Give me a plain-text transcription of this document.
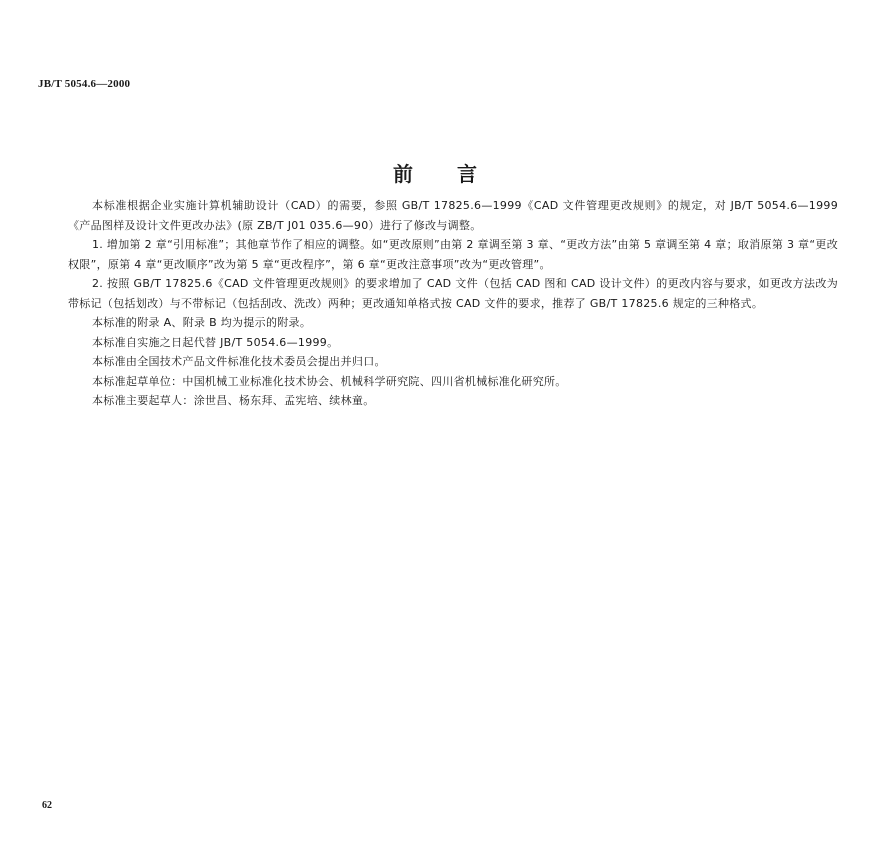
JB/T 5054.6—2000
前言

本标准根据企业实施计算机辅助设计（CAD）的需要，参照 GB/T 17825.6—1999《CAD 文件管理更改规则》的规定，对 JB/T 5054.6—1999《产品图样及设计文件更改办法》(原 ZB/T J01 035.6—90）进行了修改与调整。

1. 增加第 2 章“引用标准”；其他章节作了相应的调整。如“更改原则”由第 2 章调至第 3 章、“更改方法”由第 5 章调至第 4 章；取消原第 3 章“更改权限”，原第 4 章“更改顺序”改为第 5 章“更改程序”，第 6 章“更改注意事项”改为“更改管理”。

2. 按照 GB/T 17825.6《CAD 文件管理更改规则》的要求增加了 CAD 文件（包括 CAD 图和 CAD 设计文件）的更改内容与要求，如更改方法改为带标记（包括划改）与不带标记（包括刮改、洗改）两种；更改通知单格式按 CAD 文件的要求，推荐了 GB/T 17825.6 规定的三种格式。

本标准的附录 A、附录 B 均为提示的附录。

本标准自实施之日起代替 JB/T 5054.6—1999。

本标准由全国技术产品文件标准化技术委员会提出并归口。

本标准起草单位：中国机械工业标准化技术协会、机械科学研究院、四川省机械标准化研究所。

本标准主要起草人：涂世昌、杨东拜、孟宪培、续林童。

62
